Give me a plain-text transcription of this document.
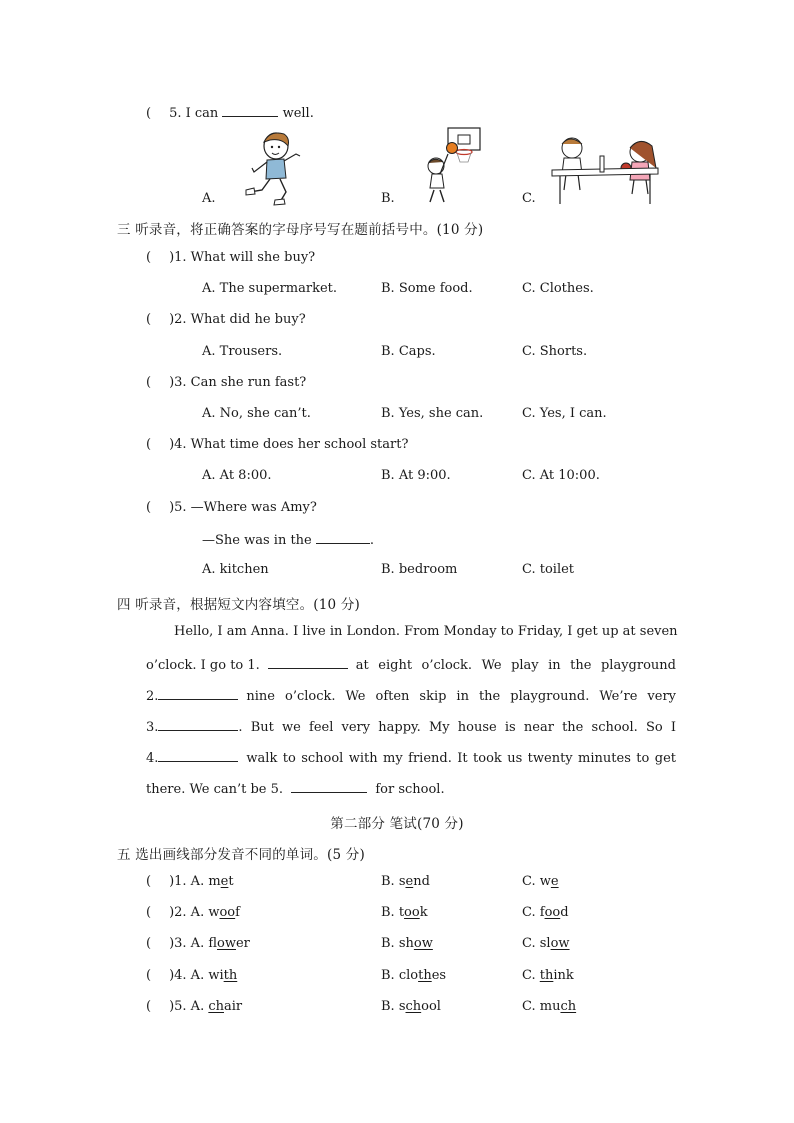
( 5. I can	well.
A.	B.	C.
三 听录音，将正确答案的字母序号写在题前括号中。(10 分)
( )1. What will she buy?
A. The supermarket.	B. Some food.	C. Clothes.
( )2. What did he buy?
A. Trousers.	B. Caps.	C. Shorts.
( )3. Can she run fast?
A. No, she can’t.	B. Yes, she can.	C. Yes, I can.
( )4. What time does her school start?
A. At 8:00.	B. At 9:00.	C. At 10:00.
( )5. —Where was Amy?
—She was in the	.
A. kitchen	B. bedroom	C. toilet
四 听录音，根据短文内容填空。(10 分)
Hello, I am Anna. I live in London. From Monday to Friday, I get up at seven
o’clock. I go to 1.	at eight o’clock. We play in the playground
2.	nine o’clock. We often skip in the playground. We’re very
3.	. But we feel very happy. My house is near the school. So I
4.	walk to school with my friend. It took us twenty minutes to get
there. We can’t be 5.	for school.
第二部分 笔试(70 分)
五 选出画线部分发音不同的单词。(5 分)
( )1. A. met	B. send	C. we
( )2. A. woof	B. took	C. food
( )3. A. flower	B. show	C. slow
( )4. A. with	B. clothes	C. think
( )5. A. chair	B. school	C. much
